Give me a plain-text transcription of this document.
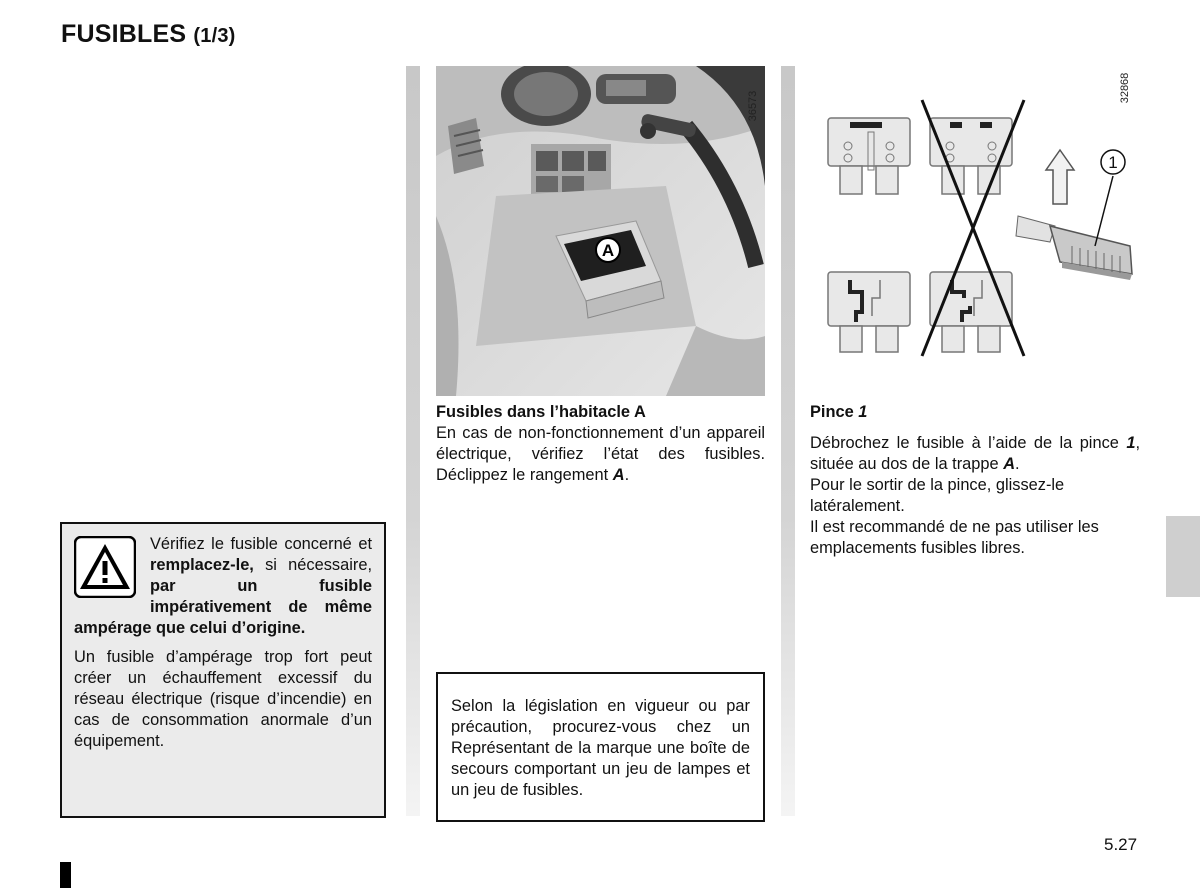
FUSIBLES (1/3)
A
36573
32868
1

Fusibles dans l’habitacle A

En cas de non-fonctionnement d’un appareil électrique, vérifiez l’état des fusibles. Déclippez le rangement A.

Pince 1

Débrochez le fusible à l’aide de la pince 1, située au dos de la trappe A.

Pour le sortir de la pince, glissez-le latéralement.

Il est recommandé de ne pas utiliser les emplacements fusibles libres.

Vérifiez le fusible concerné et remplacez-le, si nécessaire, par un fusible impérativement de même ampérage que celui d’origine.

Un fusible d’ampérage trop fort peut créer un échauffement excessif du réseau électrique (risque d’incendie) en cas de consommation anormale d’un équipement.

Selon la législation en vigueur ou par précaution, procurez-vous chez un Représentant de la marque une boîte de secours comportant un jeu de lampes et un jeu de fusibles.

5.27
